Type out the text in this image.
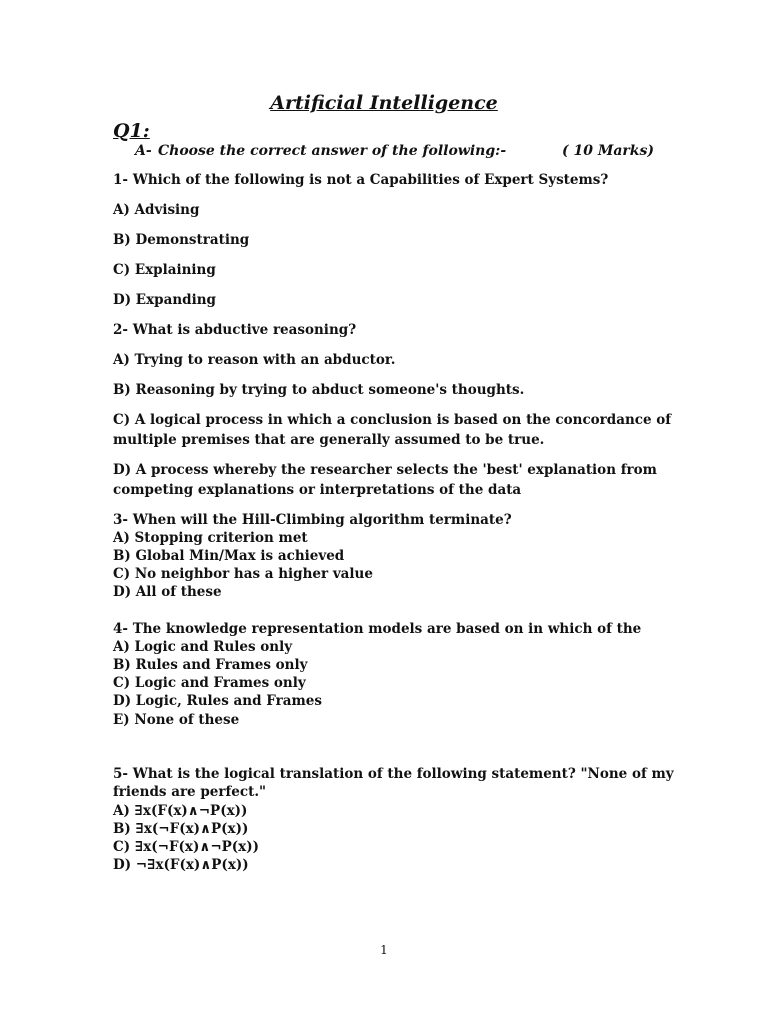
Artificial Intelligence
Q1:
A- Choose the correct answer of the following:-	( 10 Marks)
1- Which of the following is not a Capabilities of Expert Systems?
A) Advising
B) Demonstrating
C) Explaining
D) Expanding
2- What is abductive reasoning?
A) Trying to reason with an abductor.
B) Reasoning by trying to abduct someone's thoughts.
C) A logical process in which a conclusion is based on the concordance of
multiple premises that are generally assumed to be true.
D) A process whereby the researcher selects the 'best' explanation from
competing explanations or interpretations of the data
3- When will the Hill-Climbing algorithm terminate?
A) Stopping criterion met
B) Global Min/Max is achieved
C) No neighbor has a higher value
D) All of these
4- The knowledge representation models are based on in which of the
A) Logic and Rules only
B) Rules and Frames only
C) Logic and Frames only
D) Logic, Rules and Frames
E) None of these
5- What is the logical translation of the following statement? "None of my
friends are perfect."
A) ∃x(F(x)∧¬P(x))
B) ∃x(¬F(x)∧P(x))
C) ∃x(¬F(x)∧¬P(x))
D) ¬∃x(F(x)∧P(x))
1
